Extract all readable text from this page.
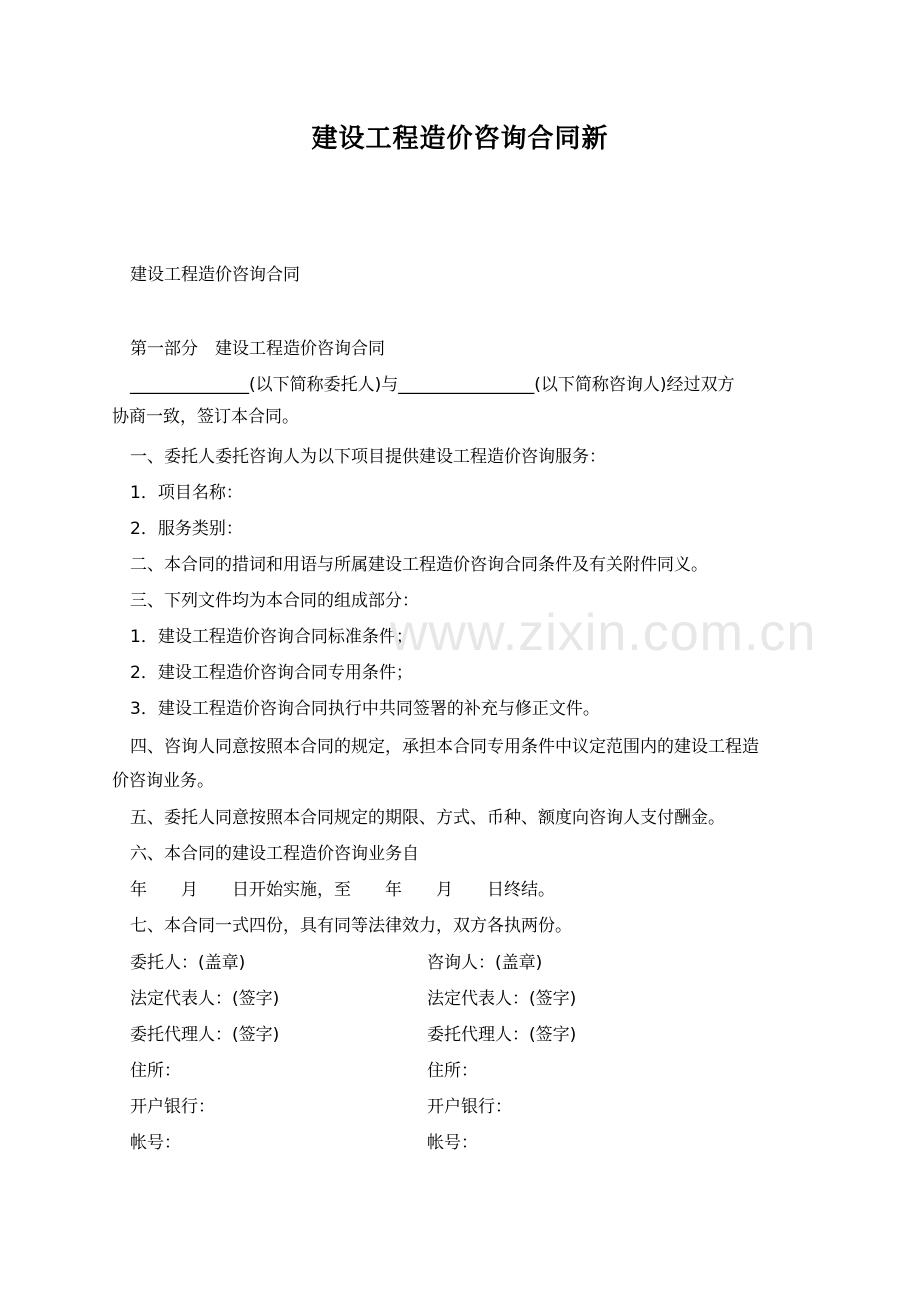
建设工程造价咨询合同新
建设工程造价咨询合同
第一部分　建设工程造价咨询合同
______________(以下简称委托人)与________________(以下简称咨询人)经过双方
协商一致，签订本合同。
一、委托人委托咨询人为以下项目提供建设工程造价咨询服务：
1．项目名称：
2．服务类别：
二、本合同的措词和用语与所属建设工程造价咨询合同条件及有关附件同义。
三、下列文件均为本合同的组成部分：
1．建设工程造价咨询合同标准条件；
2．建设工程造价咨询合同专用条件；
3．建设工程造价咨询合同执行中共同签署的补充与修正文件。
四、咨询人同意按照本合同的规定，承担本合同专用条件中议定范围内的建设工程造
价咨询业务。
五、委托人同意按照本合同规定的期限、方式、币种、额度向咨询人支付酬金。
六、本合同的建设工程造价咨询业务自
年　　月　　日开始实施，至　　年　　月　　日终结。
七、本合同一式四份，具有同等法律效力，双方各执两份。
委托人：(盖章)	咨询人：(盖章)
法定代表人：(签字)	法定代表人：(签字)
委托代理人：(签字)	委托代理人：(签字)
住所：	住所：
开户银行：	开户银行：
帐号：	帐号：
www.zixin.com.cn
